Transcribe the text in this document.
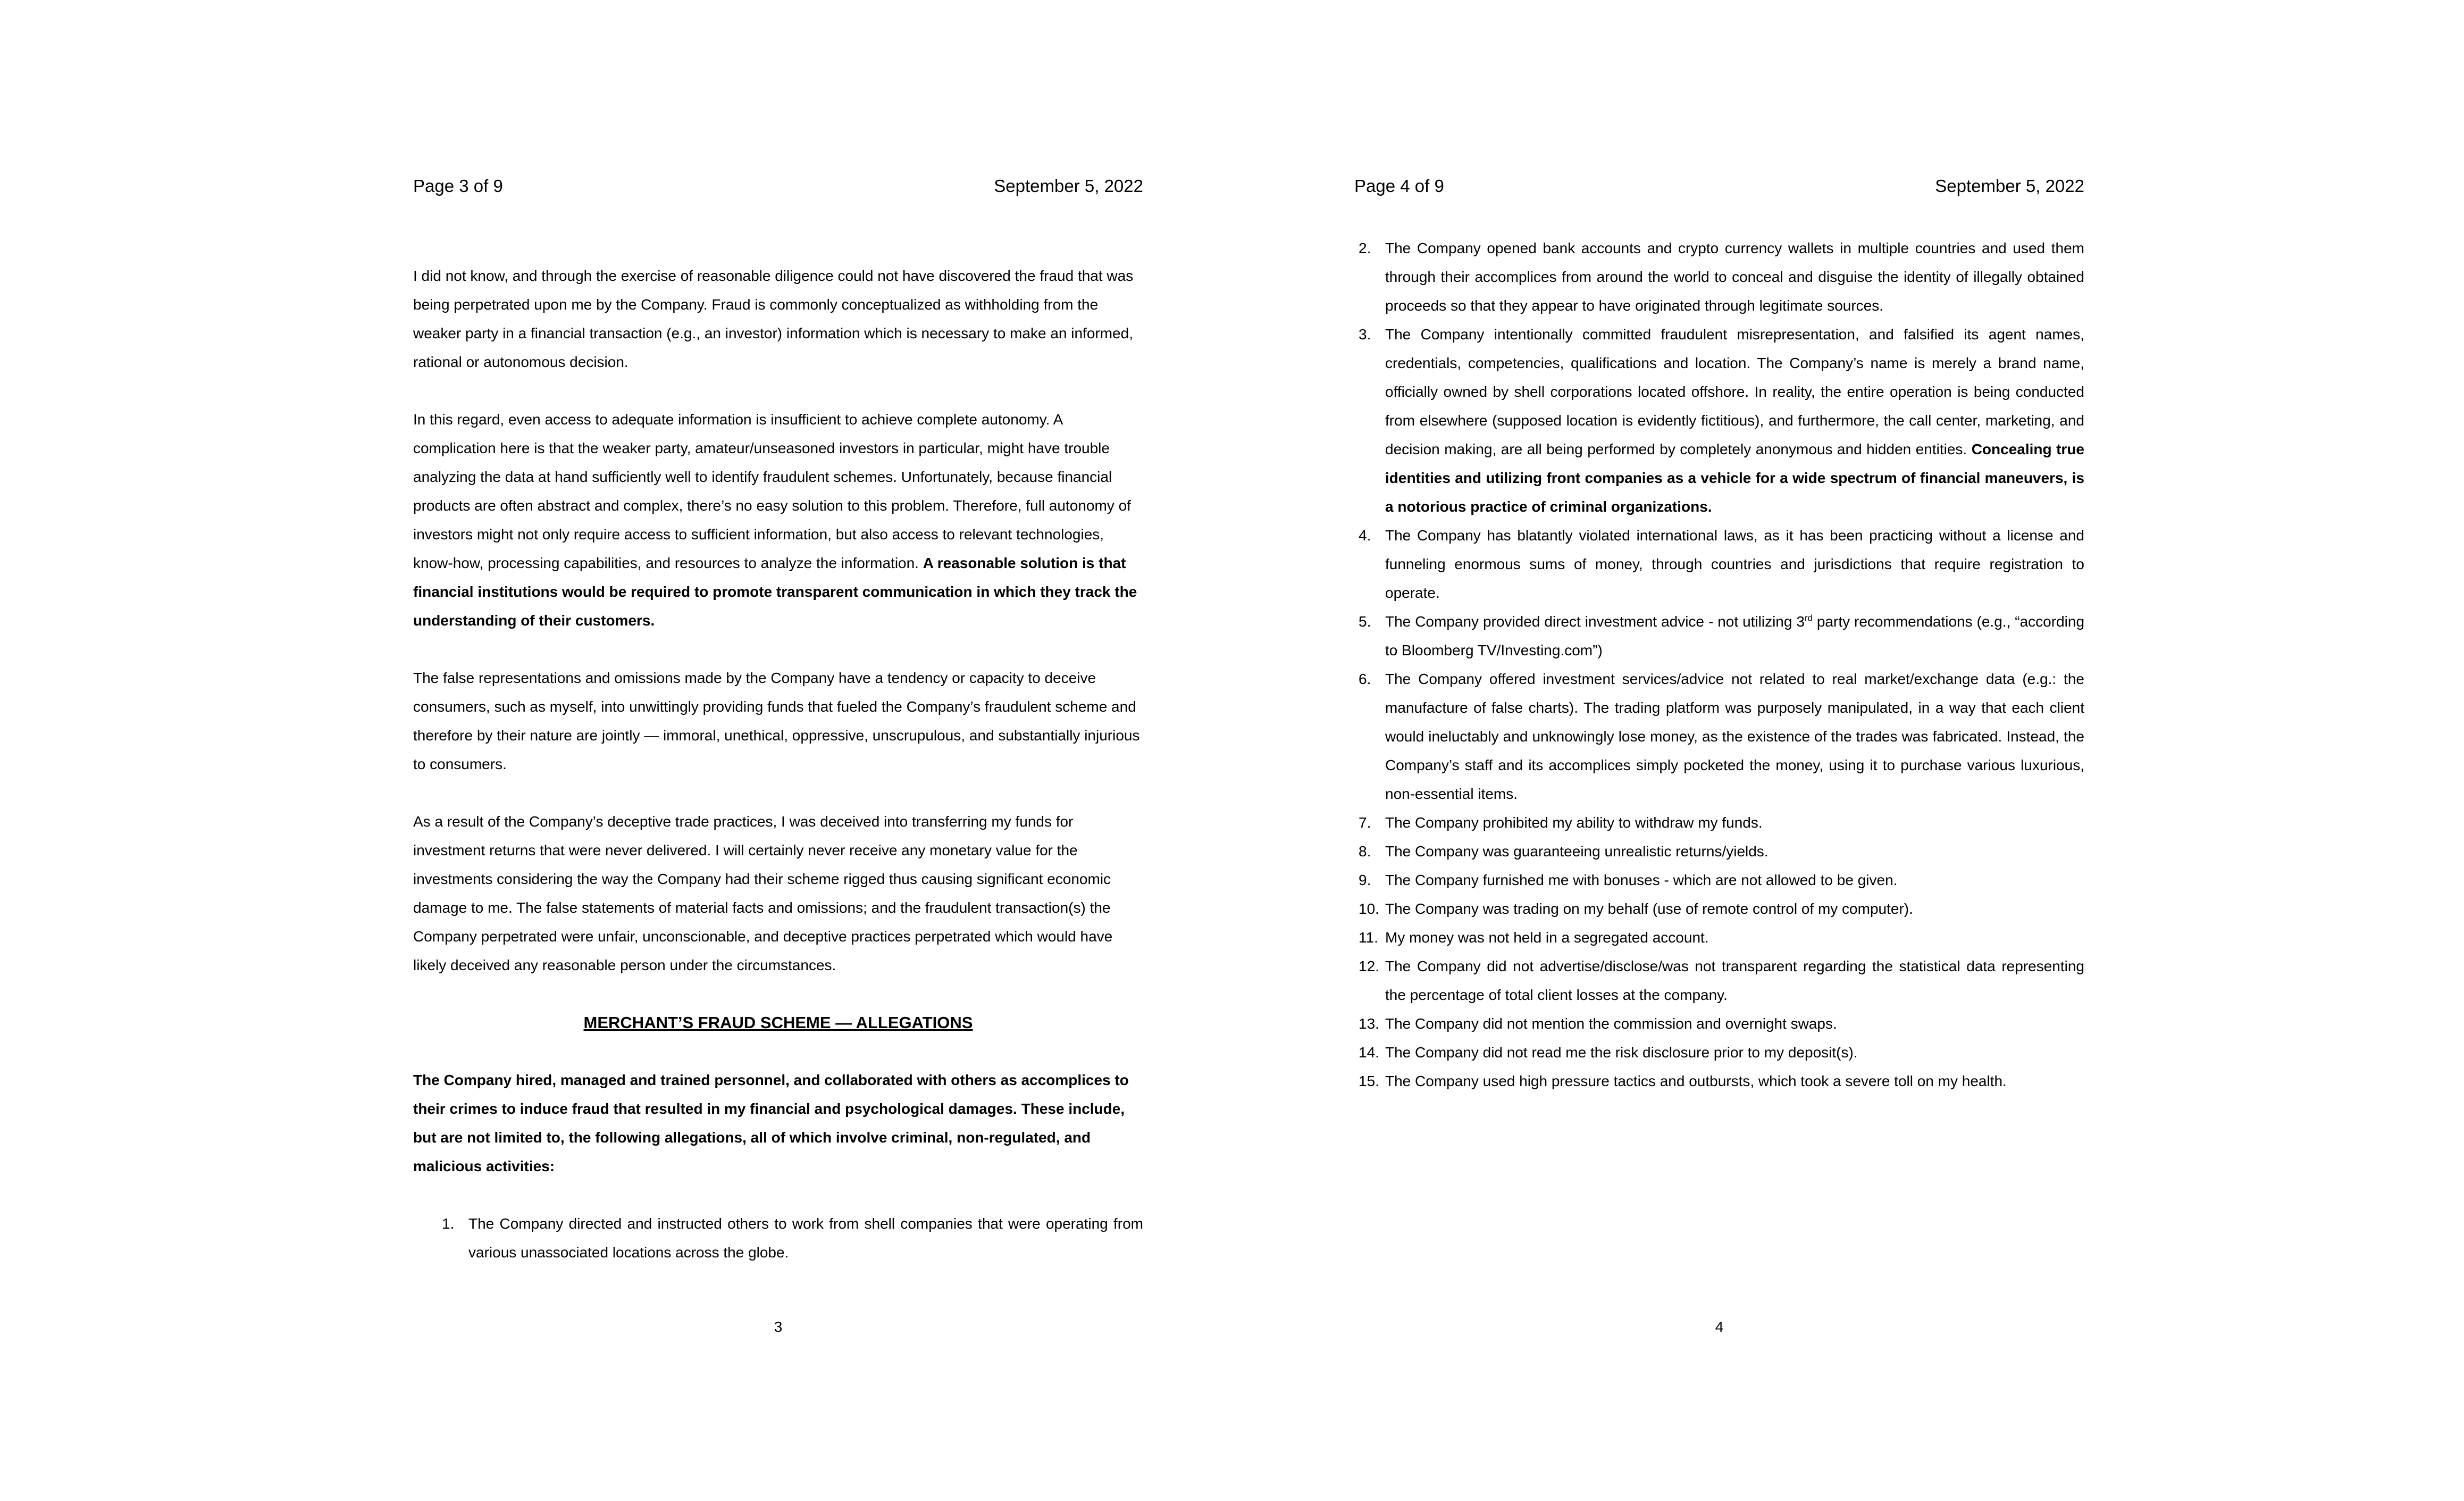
Page 3 of 9	September 5, 2022
I did not know, and through the exercise of reasonable diligence could not have discovered the fraud that was being perpetrated upon me by the Company. Fraud is commonly conceptualized as withholding from the weaker party in a financial transaction (e.g., an investor) information which is necessary to make an informed, rational or autonomous decision.
In this regard, even access to adequate information is insufficient to achieve complete autonomy. A complication here is that the weaker party, amateur/unseasoned investors in particular, might have trouble analyzing the data at hand sufficiently well to identify fraudulent schemes. Unfortunately, because financial products are often abstract and complex, there’s no easy solution to this problem. Therefore, full autonomy of investors might not only require access to sufficient information, but also access to relevant technologies, know-how, processing capabilities, and resources to analyze the information. A reasonable solution is that financial institutions would be required to promote transparent communication in which they track the understanding of their customers.
The false representations and omissions made by the Company have a tendency or capacity to deceive consumers, such as myself, into unwittingly providing funds that fueled the Company’s fraudulent scheme and therefore by their nature are jointly — immoral, unethical, oppressive, unscrupulous, and substantially injurious to consumers.
As a result of the Company’s deceptive trade practices, I was deceived into transferring my funds for investment returns that were never delivered. I will certainly never receive any monetary value for the investments considering the way the Company had their scheme rigged thus causing significant economic damage to me. The false statements of material facts and omissions; and the fraudulent transaction(s) the Company perpetrated were unfair, unconscionable, and deceptive practices perpetrated which would have likely deceived any reasonable person under the circumstances.
MERCHANT’S FRAUD SCHEME — ALLEGATIONS
The Company hired, managed and trained personnel, and collaborated with others as accomplices to their crimes to induce fraud that resulted in my financial and psychological damages. These include, but are not limited to, the following allegations, all of which involve criminal, non-regulated, and malicious activities:
1. The Company directed and instructed others to work from shell companies that were operating from various unassociated locations across the globe.
Page 4 of 9	September 5, 2022
2. The Company opened bank accounts and crypto currency wallets in multiple countries and used them through their accomplices from around the world to conceal and disguise the identity of illegally obtained proceeds so that they appear to have originated through legitimate sources.
3. The Company intentionally committed fraudulent misrepresentation, and falsified its agent names, credentials, competencies, qualifications and location. The Company’s name is merely a brand name, officially owned by shell corporations located offshore. In reality, the entire operation is being conducted from elsewhere (supposed location is evidently fictitious), and furthermore, the call center, marketing, and decision making, are all being performed by completely anonymous and hidden entities. Concealing true identities and utilizing front companies as a vehicle for a wide spectrum of financial maneuvers, is a notorious practice of criminal organizations.
4. The Company has blatantly violated international laws, as it has been practicing without a license and funneling enormous sums of money, through countries and jurisdictions that require registration to operate.
5. The Company provided direct investment advice - not utilizing 3rd party recommendations (e.g., “according to Bloomberg TV/Investing.com”)
6. The Company offered investment services/advice not related to real market/exchange data (e.g.: the manufacture of false charts). The trading platform was purposely manipulated, in a way that each client would ineluctably and unknowingly lose money, as the existence of the trades was fabricated. Instead, the Company’s staff and its accomplices simply pocketed the money, using it to purchase various luxurious, non-essential items.
7. The Company prohibited my ability to withdraw my funds.
8. The Company was guaranteeing unrealistic returns/yields.
9. The Company furnished me with bonuses - which are not allowed to be given.
10. The Company was trading on my behalf (use of remote control of my computer).
11. My money was not held in a segregated account.
12. The Company did not advertise/disclose/was not transparent regarding the statistical data representing the percentage of total client losses at the company.
13. The Company did not mention the commission and overnight swaps.
14. The Company did not read me the risk disclosure prior to my deposit(s).
15. The Company used high pressure tactics and outbursts, which took a severe toll on my health.
3	4
